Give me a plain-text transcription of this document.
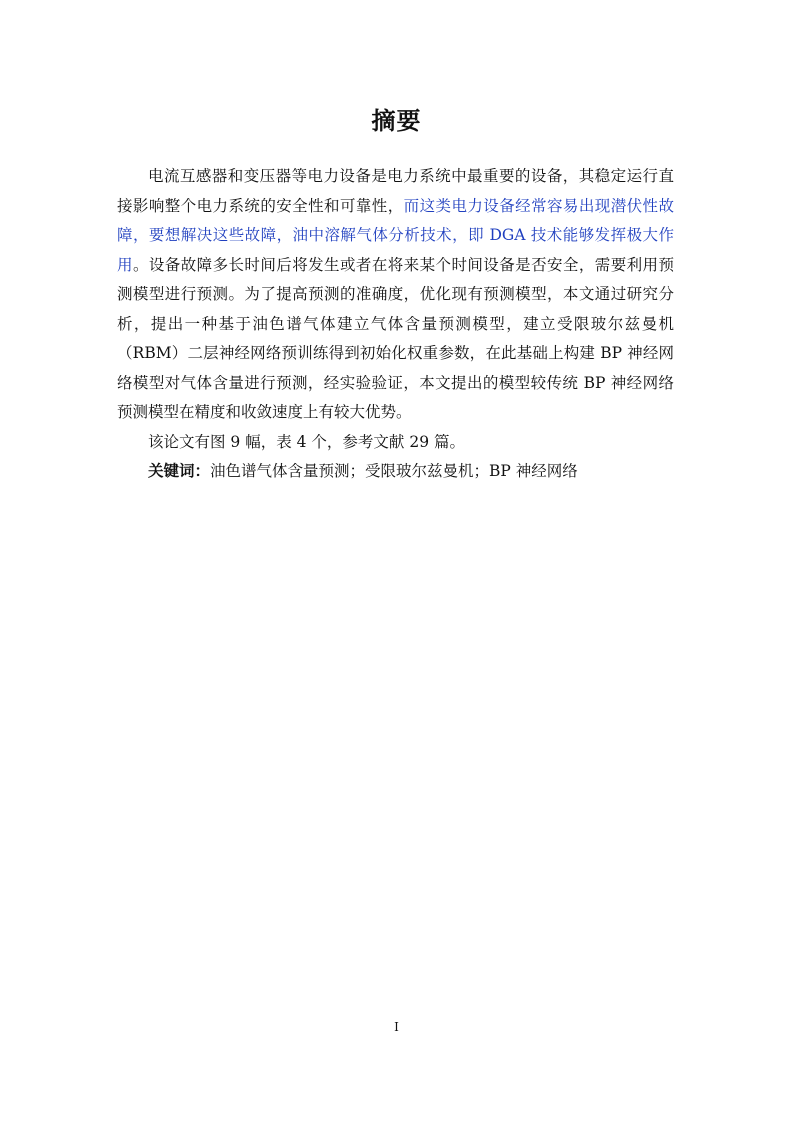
摘要

电流互感器和变压器等电力设备是电力系统中最重要的设备，其稳定运行直接影响整个电力系统的安全性和可靠性，而这类电力设备经常容易出现潜伏性故障，要想解决这些故障，油中溶解气体分析技术，即 DGA 技术能够发挥极大作用。设备故障多长时间后将发生或者在将来某个时间设备是否安全，需要利用预测模型进行预测。为了提高预测的准确度，优化现有预测模型，本文通过研究分析，提出一种基于油色谱气体建立气体含量预测模型，建立受限玻尔兹曼机（RBM）二层神经网络预训练得到初始化权重参数，在此基础上构建 BP 神经网络模型对气体含量进行预测，经实验验证，本文提出的模型较传统 BP 神经网络预测模型在精度和收敛速度上有较大优势。

该论文有图 9 幅，表 4 个，参考文献 29 篇。

关键词：油色谱气体含量预测；受限玻尔兹曼机；BP 神经网络

I
